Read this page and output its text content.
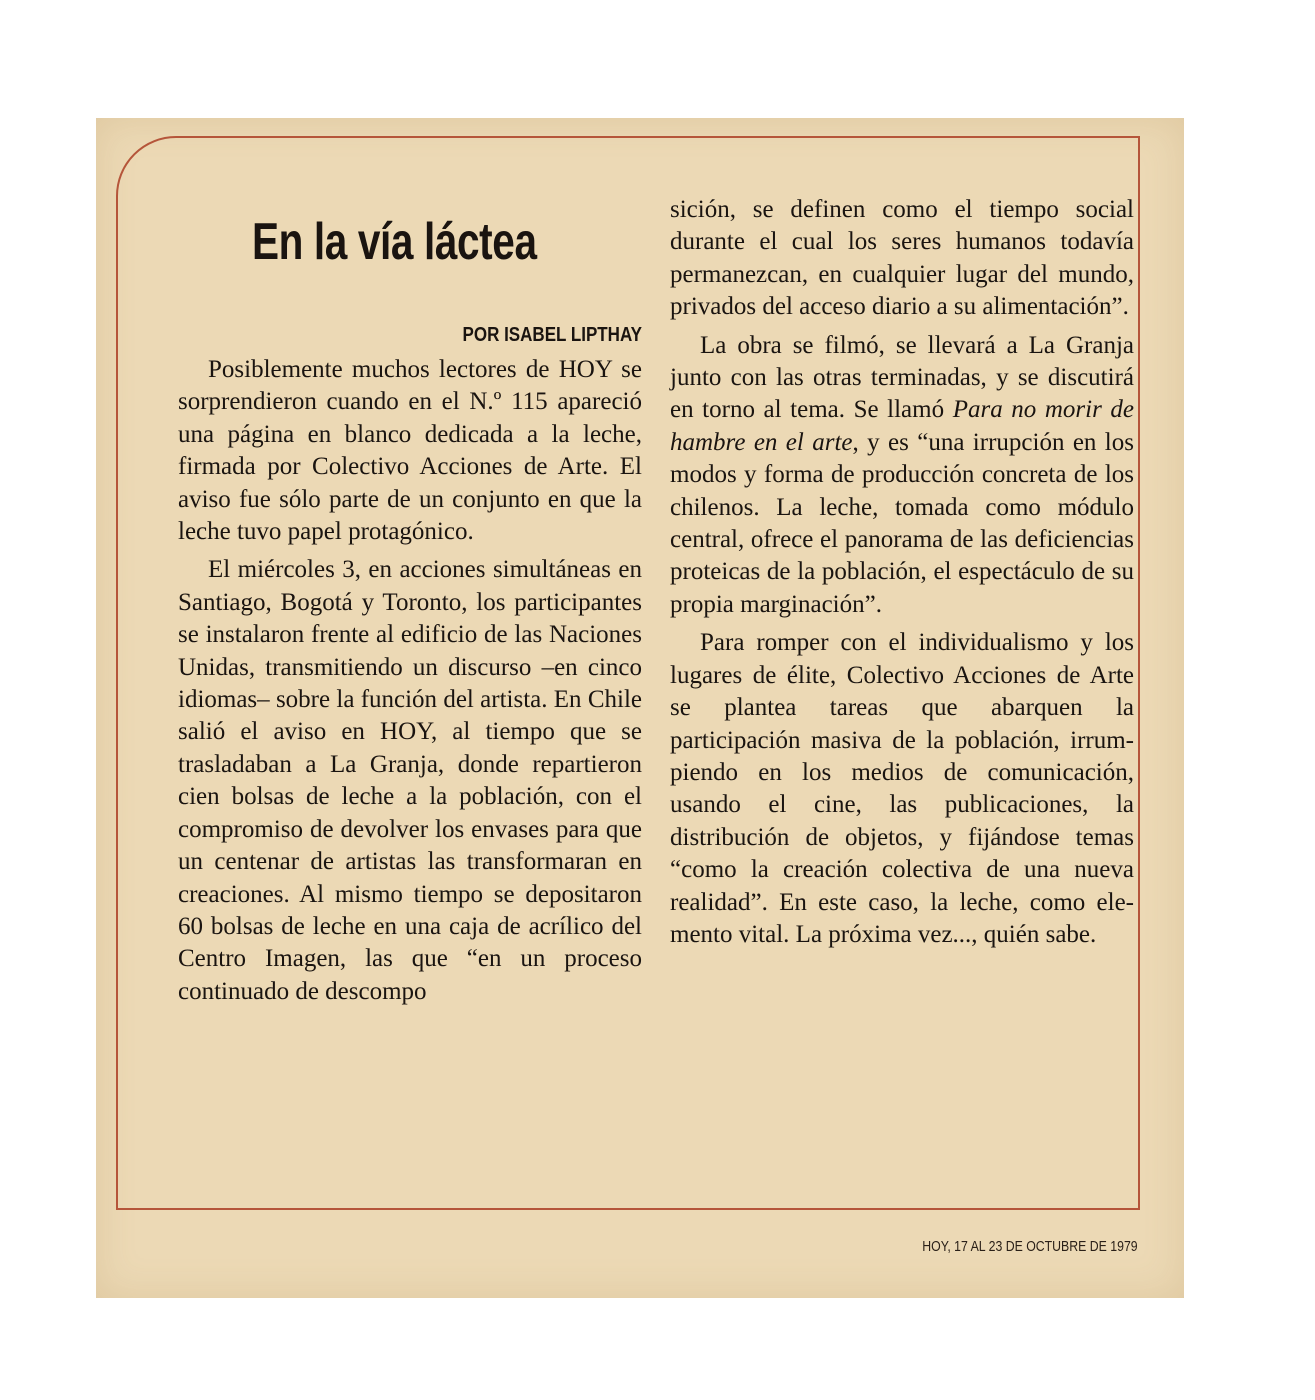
En la vía láctea
POR ISABEL LIPTHAY

Posiblemente muchos lectores de HOY se sorprendieron cuando en el N.º 115 apareció una página en blanco dedicada a la leche, firmada por Colectivo Acciones de Arte. El aviso fue sólo parte de un conjunto en que la leche tuvo papel protagónico.

El miércoles 3, en acciones simultáneas en Santiago, Bogotá y Toronto, los participantes se instalaron frente al edificio de las Naciones Unidas, transmitiendo un discurso –en cinco idiomas– sobre la función del artista. En Chile salió el aviso en HOY, al tiempo que se trasladaban a La Granja, donde repartieron cien bolsas de leche a la población, con el compromiso de devolver los envases para que un centenar de artistas las transformaran en creaciones. Al mismo tiempo se depositaron 60 bolsas de leche en una caja de acrílico del Centro Imagen, las que “en un proceso continuado de descompo

sición, se definen como el tiempo social durante el cual los seres humanos todavía permanezcan, en cualquier lugar del mundo, privados del acceso diario a su alimentación”.

La obra se filmó, se llevará a La Granja junto con las otras terminadas, y se discutirá en torno al tema. Se llamó Para no morir de hambre en el arte, y es “una irrupción en los modos y forma de producción concreta de los chilenos. La leche, tomada como módulo central, ofrece el panorama de las deficiencias proteicas de la población, el espectáculo de su propia marginación”.

Para romper con el individualismo y los lugares de élite, Colectivo Acciones de Arte se plantea tareas que abarquen la participación masiva de la población, irrumpiendo en los medios de comunicación, usando el cine, las publicaciones, la distribución de objetos, y fijándose temas “como la creación colectiva de una nueva realidad”. En este caso, la leche, como elemento vital. La próxima vez..., quién sabe.

HOY, 17 AL 23 DE OCTUBRE DE 1979
